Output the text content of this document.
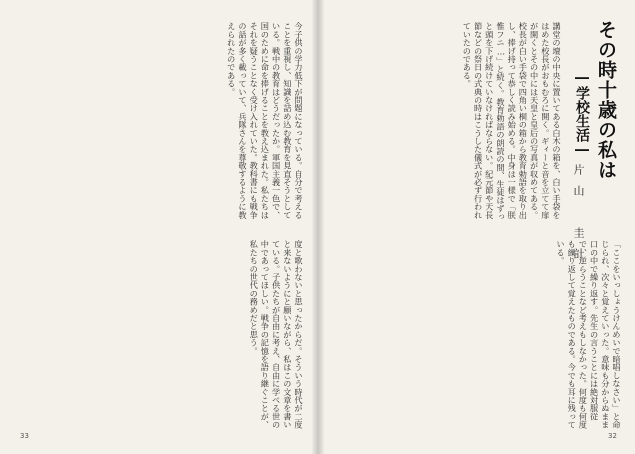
その時十歳の私は
―学校生活―
片山　圭計
講堂の壇の中央に置いてある白木の箱を、白い手袋をはめた校長がおもむろに開く。ギィーと音を立てて扉が開くとその中には天皇と皇后の写真が収めてある。校長が白い手袋で四角い桐の箱から教育勅語を取り出し、捧げ持って恭しく読み始める。中身は一様で「朕惟フニ…」と続く。教育勅語の朗読の間、生徒はずっと頭を下げ続けていなければならない。紀元節や天長節などの祭日の式典の時はこうした儀式が必ず行われていたのである。
「ここをいっしょうけんめいで暗唱しなさい」と命じられ、次々と覚えていった。意味も分からぬまま口の中で繰り返す。先生の言うことには絶対服従で、逆らうことなど考えもしなかった。何度も何度も繰り返して覚えたものである。今でも耳に残っている。
32
今子供の学力低下が問題になっている。自分で考えることを重視し、知識を詰め込む教育を見直そうとしている。戦中の教育はどうだったか。軍国主義一色で、国のために命を捧げることを教え込まれた。私たちはそれを疑うことなく受け入れていた。教科書にも戦争の話が多く載っていて、兵隊さんを尊敬するように教えられたのである。
度と歌わないと思ったからだ。そういう時代が二度と来ないようにと願いながら、私はこの文章を書いている。子供たちが自由に考え、自由に学べる世の中であってほしい。戦争の記憶を語り継ぐことが、私たちの世代の務めだと思う。
33
